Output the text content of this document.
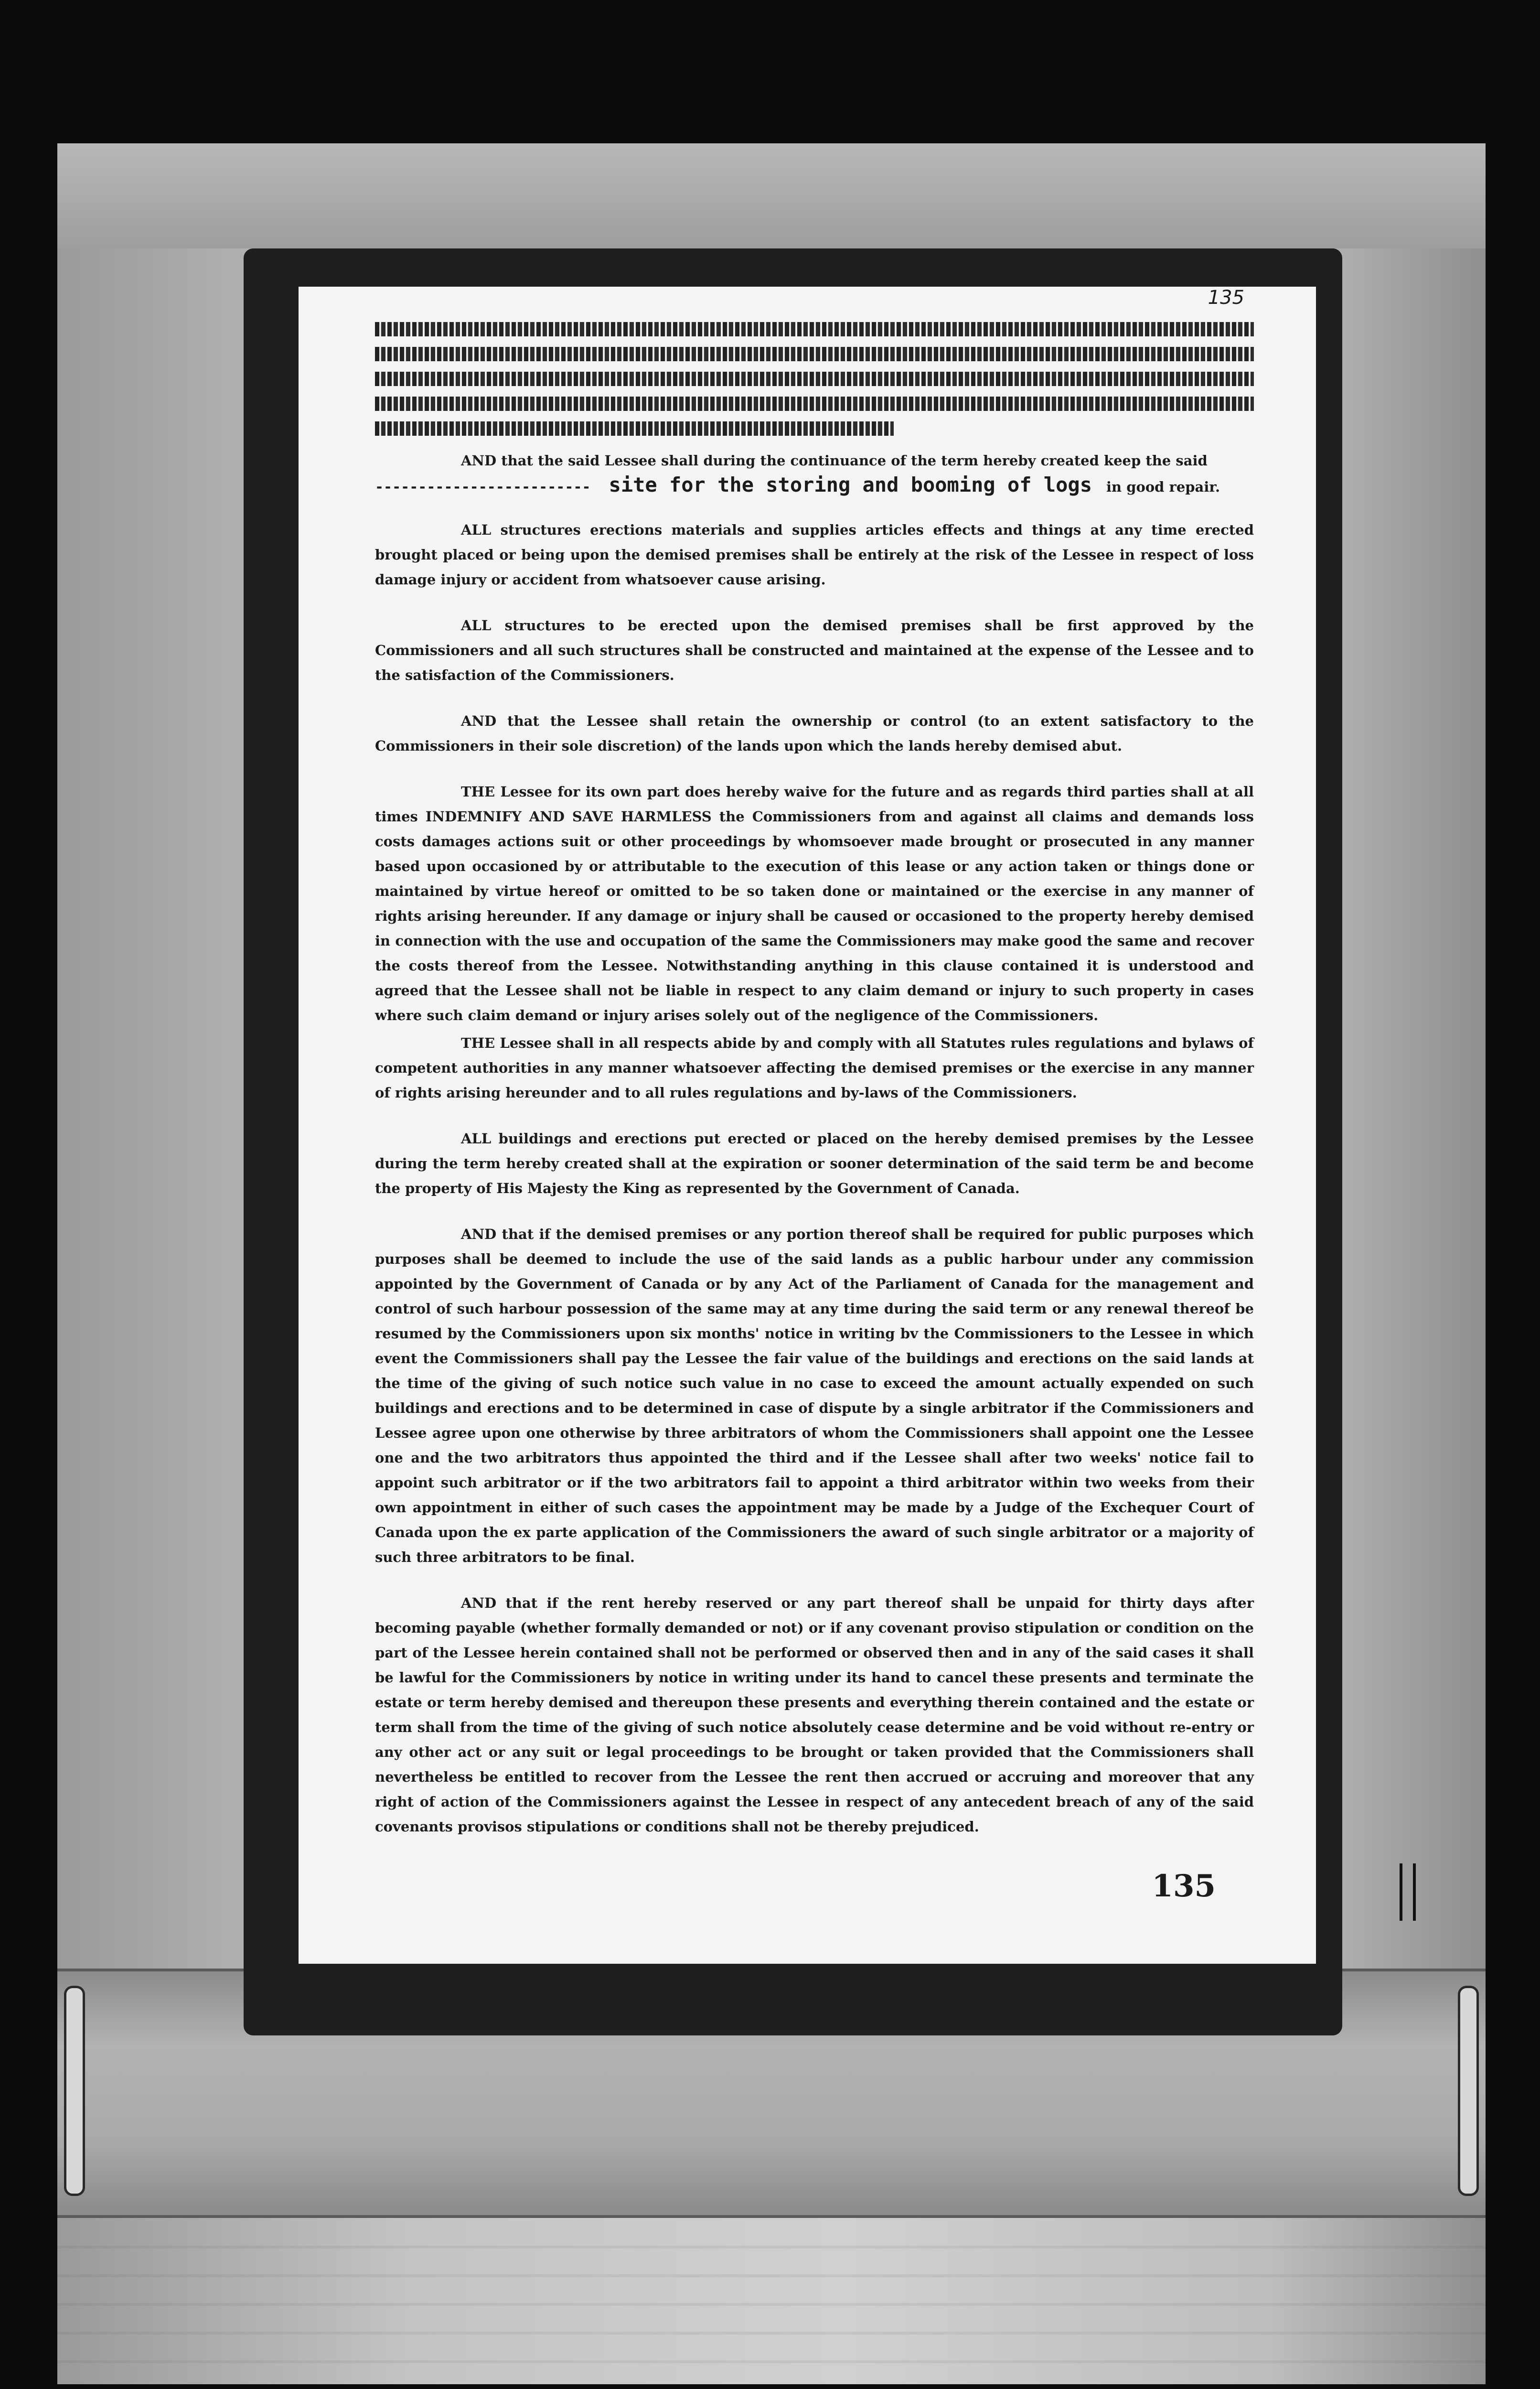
135

AND that the said Lessee shall during the continuance of the term hereby created keep the said

------------------------- site for the storing and booming of logs in good repair.

ALL structures erections materials and supplies articles effects and things at any time erected brought placed or being upon the demised premises shall be entirely at the risk of the Lessee in respect of loss damage injury or accident from whatsoever cause arising.

ALL structures to be erected upon the demised premises shall be first approved by the Commissioners and all such structures shall be constructed and maintained at the expense of the Lessee and to the satisfaction of the Commissioners.

AND that the Lessee shall retain the ownership or control (to an extent satisfactory to the Commissioners in their sole discretion) of the lands upon which the lands hereby demised abut.

THE Lessee for its own part does hereby waive for the future and as regards third parties shall at all times INDEMNIFY AND SAVE HARMLESS the Commissioners from and against all claims and demands loss costs damages actions suit or other proceedings by whomsoever made brought or prosecuted in any manner based upon occasioned by or attributable to the execution of this lease or any action taken or things done or maintained by virtue hereof or omitted to be so taken done or maintained or the exercise in any manner of rights arising hereunder. If any damage or injury shall be caused or occasioned to the property hereby demised in connection with the use and occupation of the same the Commissioners may make good the same and recover the costs thereof from the Lessee. Notwithstanding anything in this clause contained it is understood and agreed that the Lessee shall not be liable in respect to any claim demand or injury to such property in cases where such claim demand or injury arises solely out of the negligence of the Commissioners.

THE Lessee shall in all respects abide by and comply with all Statutes rules regulations and bylaws of competent authorities in any manner whatsoever affecting the demised premises or the exercise in any manner of rights arising hereunder and to all rules regulations and by-laws of the Commissioners.

ALL buildings and erections put erected or placed on the hereby demised premises by the Lessee during the term hereby created shall at the expiration or sooner determination of the said term be and become the property of His Majesty the King as represented by the Government of Canada.

AND that if the demised premises or any portion thereof shall be required for public purposes which purposes shall be deemed to include the use of the said lands as a public harbour under any commission appointed by the Government of Canada or by any Act of the Parliament of Canada for the management and control of such harbour possession of the same may at any time during the said term or any renewal thereof be resumed by the Commissioners upon six months' notice in writing bv the Commissioners to the Lessee in which event the Commissioners shall pay the Lessee the fair value of the buildings and erections on the said lands at the time of the giving of such notice such value in no case to exceed the amount actually expended on such buildings and erections and to be determined in case of dispute by a single arbitrator if the Commissioners and Lessee agree upon one otherwise by three arbitrators of whom the Commissioners shall appoint one the Lessee one and the two arbitrators thus appointed the third and if the Lessee shall after two weeks' notice fail to appoint such arbitrator or if the two arbitrators fail to appoint a third arbitrator within two weeks from their own appointment in either of such cases the appointment may be made by a Judge of the Exchequer Court of Canada upon the ex parte application of the Commissioners the award of such single arbitrator or a majority of such three arbitrators to be final.

AND that if the rent hereby reserved or any part thereof shall be unpaid for thirty days after becoming payable (whether formally demanded or not) or if any covenant proviso stipulation or condition on the part of the Lessee herein contained shall not be performed or observed then and in any of the said cases it shall be lawful for the Commissioners by notice in writing under its hand to cancel these presents and terminate the estate or term hereby demised and thereupon these presents and everything therein contained and the estate or term shall from the time of the giving of such notice absolutely cease determine and be void without re-entry or any other act or any suit or legal proceedings to be brought or taken provided that the Commissioners shall nevertheless be entitled to recover from the Lessee the rent then accrued or accruing and moreover that any right of action of the Commissioners against the Lessee in respect of any antecedent breach of any of the said covenants provisos stipulations or conditions shall not be thereby prejudiced.

135
